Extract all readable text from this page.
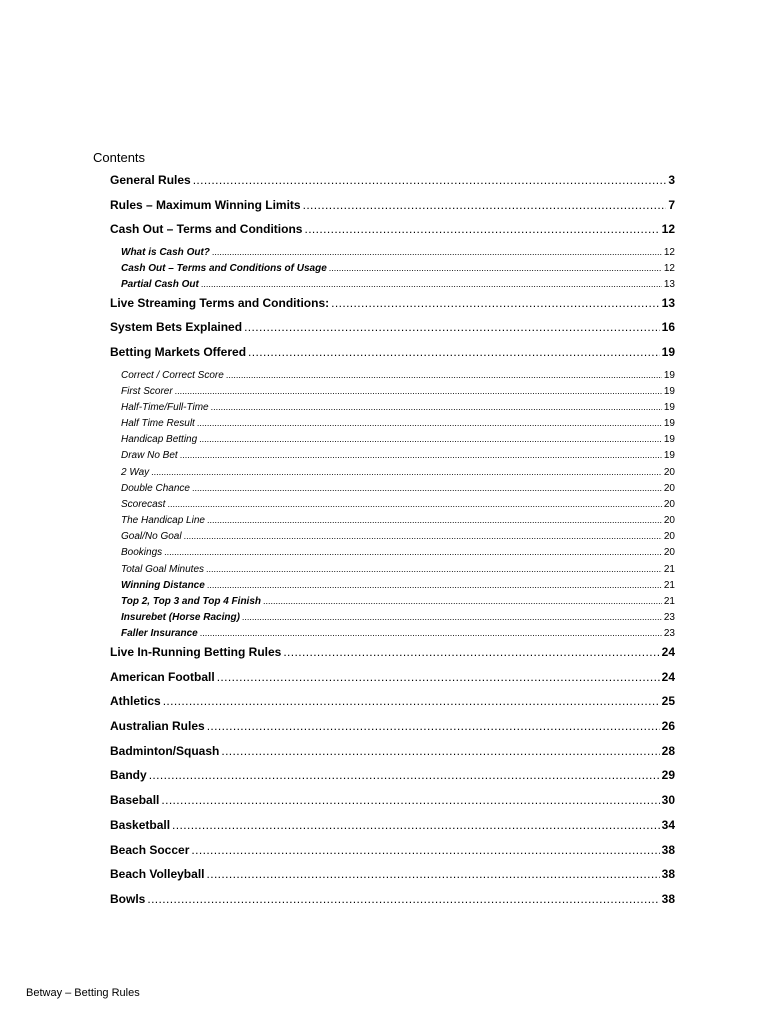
Contents
General Rules .....	3
Rules – Maximum Winning Limits .....	7
Cash Out – Terms and Conditions .....	12
What is Cash Out? .....	12
Cash Out – Terms and Conditions of Usage .....	12
Partial Cash Out .....	13
Live Streaming Terms and Conditions: .....	13
System Bets Explained .....	16
Betting Markets Offered .....	19
Correct / Correct Score .....	19
First Scorer .....	19
Half-Time/Full-Time .....	19
Half Time Result .....	19
Handicap Betting .....	19
Draw No Bet .....	19
2 Way .....	20
Double Chance .....	20
Scorecast .....	20
The Handicap Line .....	20
Goal/No Goal .....	20
Bookings .....	20
Total Goal Minutes .....	21
Winning Distance .....	21
Top 2, Top 3 and Top 4 Finish .....	21
Insurebet (Horse Racing) .....	23
Faller Insurance .....	23
Live In-Running Betting Rules .....	24
American Football .....	24
Athletics .....	25
Australian Rules .....	26
Badminton/Squash .....	28
Bandy .....	29
Baseball .....	30
Basketball .....	34
Beach Soccer .....	38
Beach Volleyball .....	38
Bowls .....	38
Betway – Betting Rules
